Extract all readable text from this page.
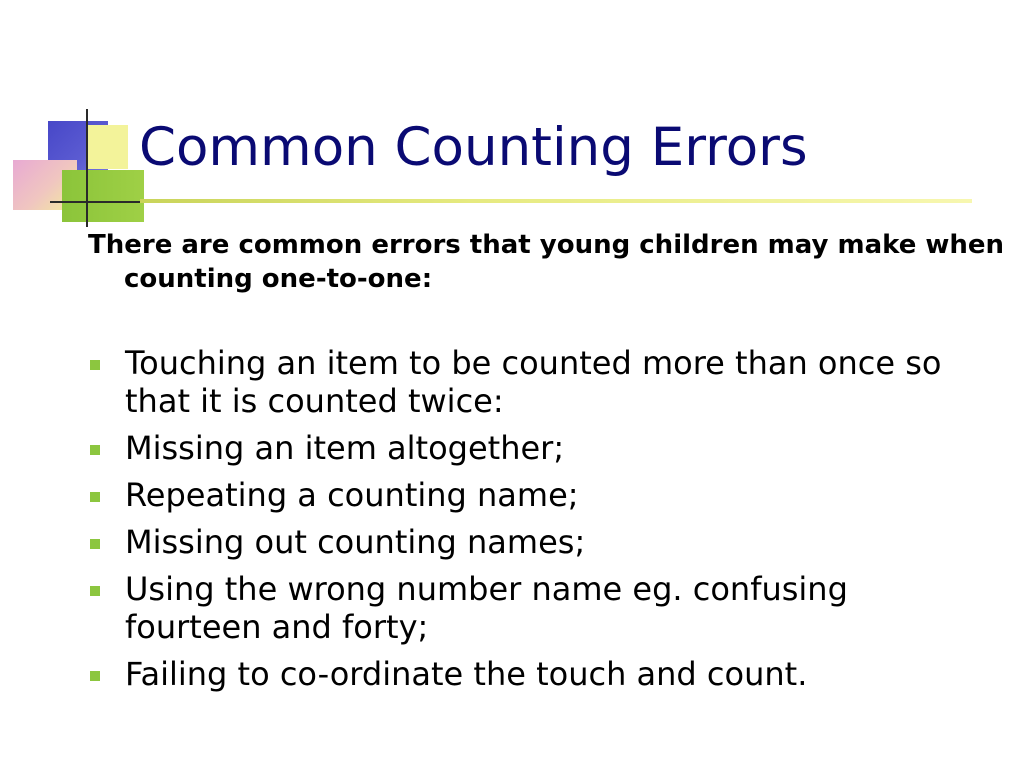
Common Counting Errors

There are common errors that young children may make when counting one-to-one:

Touching an item to be counted more than once so that it is counted twice:
Missing an item altogether;
Repeating a counting name;
Missing out counting names;
Using the wrong number name eg. confusing fourteen and forty;
Failing to co-ordinate the touch and count.
